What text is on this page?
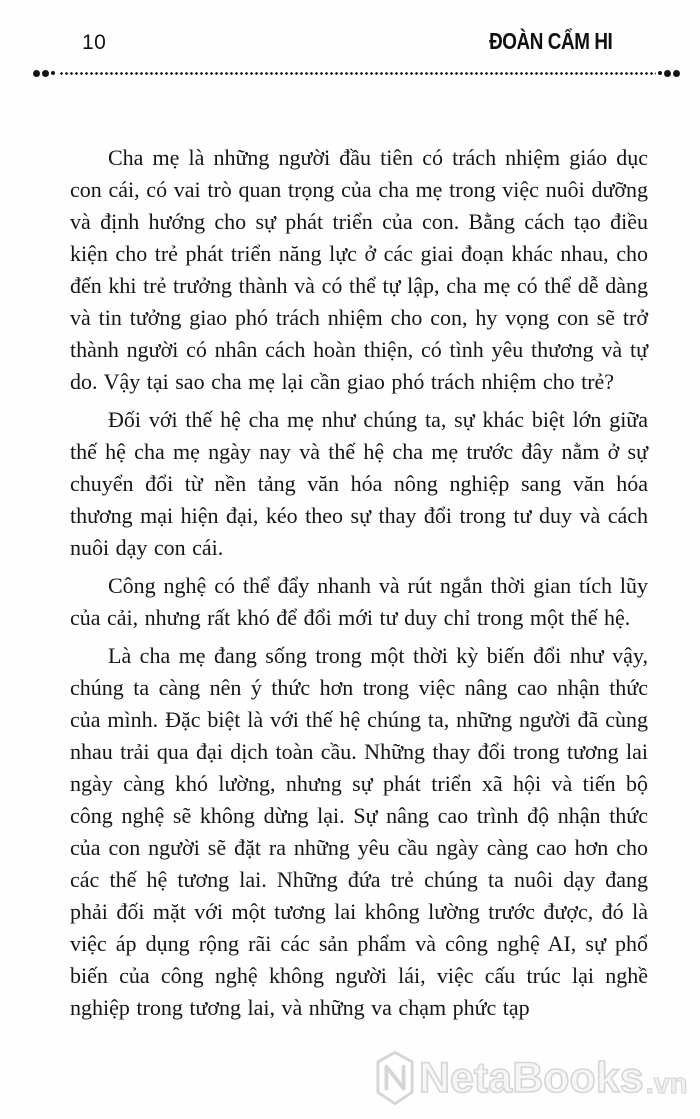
10	ĐOÀN CẨM HI

Cha mẹ là những người đầu tiên có trách nhiệm giáo dục con cái, có vai trò quan trọng của cha mẹ trong việc nuôi dưỡng và định hướng cho sự phát triển của con. Bằng cách tạo điều kiện cho trẻ phát triển năng lực ở các giai đoạn khác nhau, cho đến khi trẻ trưởng thành và có thể tự lập, cha mẹ có thể dễ dàng và tin tưởng giao phó trách nhiệm cho con, hy vọng con sẽ trở thành người có nhân cách hoàn thiện, có tình yêu thương và tự do. Vậy tại sao cha mẹ lại cần giao phó trách nhiệm cho trẻ?

Đối với thế hệ cha mẹ như chúng ta, sự khác biệt lớn giữa thế hệ cha mẹ ngày nay và thế hệ cha mẹ trước đây nằm ở sự chuyển đổi từ nền tảng văn hóa nông nghiệp sang văn hóa thương mại hiện đại, kéo theo sự thay đổi trong tư duy và cách nuôi dạy con cái.

Công nghệ có thể đẩy nhanh và rút ngắn thời gian tích lũy của cải, nhưng rất khó để đổi mới tư duy chỉ trong một thế hệ.

Là cha mẹ đang sống trong một thời kỳ biến đổi như vậy, chúng ta càng nên ý thức hơn trong việc nâng cao nhận thức của mình. Đặc biệt là với thế hệ chúng ta, những người đã cùng nhau trải qua đại dịch toàn cầu. Những thay đổi trong tương lai ngày càng khó lường, nhưng sự phát triển xã hội và tiến bộ công nghệ sẽ không dừng lại. Sự nâng cao trình độ nhận thức của con người sẽ đặt ra những yêu cầu ngày càng cao hơn cho các thế hệ tương lai. Những đứa trẻ chúng ta nuôi dạy đang phải đối mặt với một tương lai không lường trước được, đó là việc áp dụng rộng rãi các sản phẩm và công nghệ AI, sự phổ biến của công nghệ không người lái, việc cấu trúc lại nghề nghiệp trong tương lai, và những va chạm phức tạp

NetaBooks .vn
